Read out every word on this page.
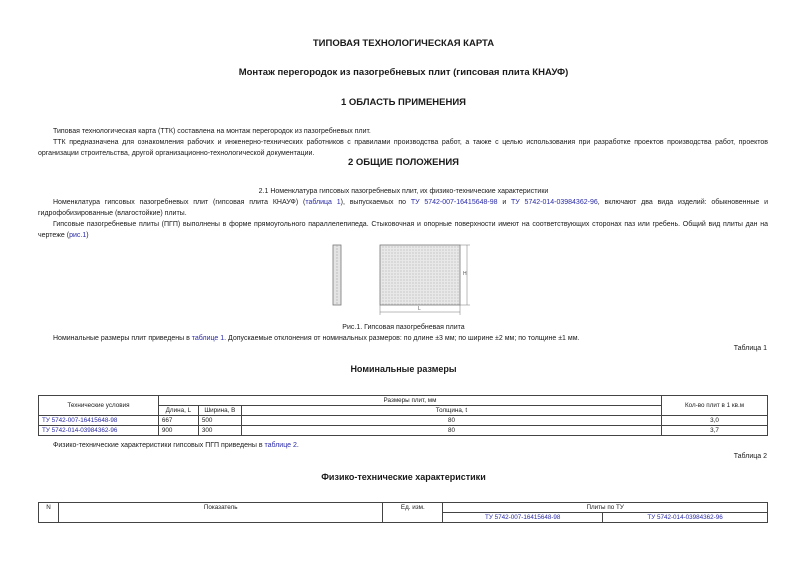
ТИПОВАЯ ТЕХНОЛОГИЧЕСКАЯ КАРТА
Монтаж перегородок из пазогребневых плит (гипсовая плита КНАУФ)
1 ОБЛАСТЬ ПРИМЕНЕНИЯ
Типовая технологическая карта (ТТК) составлена на монтаж перегородок из пазогребневых плит.
ТТК предназначена для ознакомления рабочих и инженерно-технических работников с правилами производства работ, а также с целью использования при разработке проектов производства работ, проектов организации строительства, другой организационно-технологической документации.
2 ОБЩИЕ ПОЛОЖЕНИЯ
2.1 Номенклатура гипсовых пазогребневых плит, их физико-технические характеристики
Номенклатура гипсовых пазогребневых плит (гипсовая плита КНАУФ) (таблица 1), выпускаемых по ТУ 5742-007-16415648-98 и ТУ 5742-014-03984362-96, включают два вида изделий: обыкновенные и гидрофобизированные (влагостойкие) плиты.
Гипсовые пазогребневые плиты (ПГП) выполнены в форме прямоугольного параллелепипеда. Стыковочная и опорные поверхности имеют на соответствующих сторонах паз или гребень. Общий вид плиты дан на чертеже (рис.1)
H
L
Рис.1. Гипсовая пазогребневая плита
Номинальные размеры плит приведены в таблице 1. Допускаемые отклонения от номинальных размеров: по длине ±3 мм; по ширине ±2 мм; по толщине ±1 мм.
Таблица 1
Номинальные размеры
Технические условия	Размеры плит, мм			Кол-во плит в 1 кв.м
	Длина, L	Ширина, B	Толщина, t	
ТУ 5742-007-16415648-98	667	500	80	3,0
ТУ 5742-014-03984362-96	900	300	80	3,7
Физико-технические характеристики гипсовых ПГП приведены в таблице 2.
Таблица 2
Физико-технические характеристики
N	Показатель	Ед. изм.	Плиты по ТУ	
			ТУ 5742-007-16415648-98	ТУ 5742-014-03984362-96
